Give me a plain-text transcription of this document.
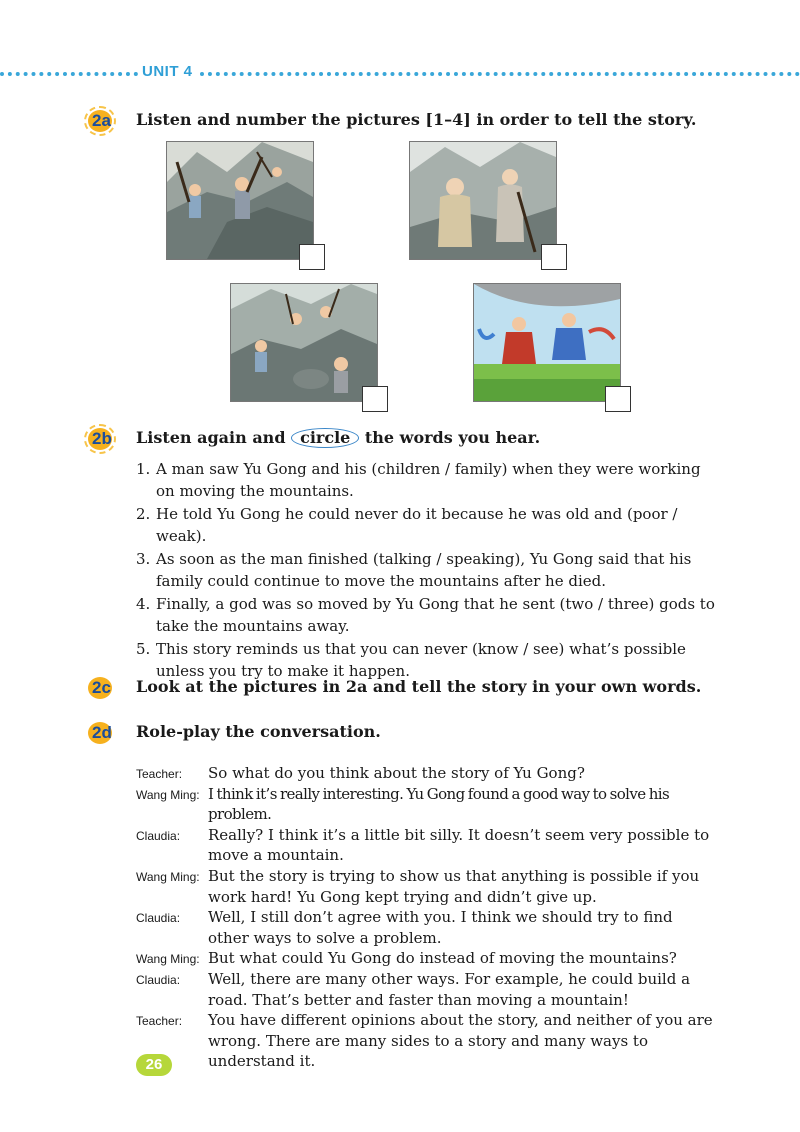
UNIT 4
2a Listen and number the pictures [1–4] in order to tell the story.
2b Listen again and circle the words you hear.
1. A man saw Yu Gong and his (children / family) when they were working on moving the mountains.
2. He told Yu Gong he could never do it because he was old and (poor / weak).
3. As soon as the man finished (talking / speaking), Yu Gong said that his family could continue to move the mountains after he died.
4. Finally, a god was so moved by Yu Gong that he sent (two / three) gods to take the mountains away.
5. This story reminds us that you can never (know / see) what’s possible unless you try to make it happen.
2c Look at the pictures in 2a and tell the story in your own words.
2d Role-play the conversation.
Teacher: So what do you think about the story of Yu Gong?
Wang Ming: I think it’s really interesting. Yu Gong found a good way to solve his problem.
Claudia: Really? I think it’s a little bit silly. It doesn’t seem very possible to move a mountain.
Wang Ming: But the story is trying to show us that anything is possible if you work hard! Yu Gong kept trying and didn’t give up.
Claudia: Well, I still don’t agree with you. I think we should try to find other ways to solve a problem.
Wang Ming: But what could Yu Gong do instead of moving the mountains?
Claudia: Well, there are many other ways. For example, he could build a road. That’s better and faster than moving a mountain!
Teacher: You have different opinions about the story, and neither of you are wrong. There are many sides to a story and many ways to understand it.
26
